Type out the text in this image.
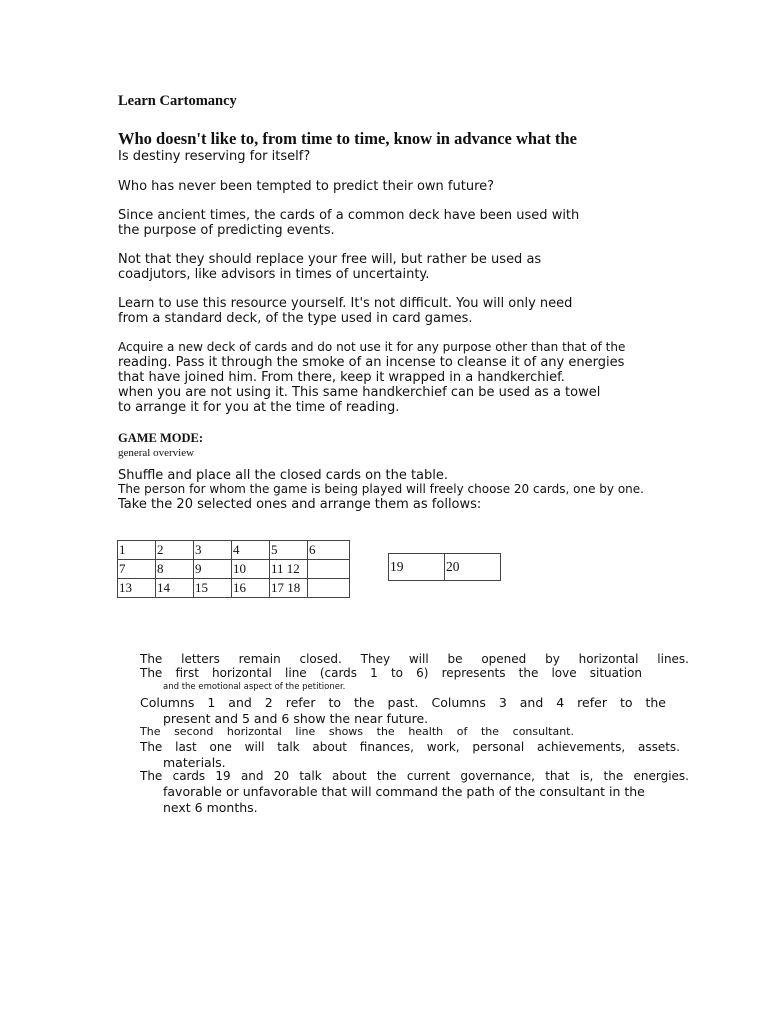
Learn Cartomancy
Who doesn't like to, from time to time, know in advance what the
Is destiny reserving for itself?
Who has never been tempted to predict their own future?
Since ancient times, the cards of a common deck have been used with
the purpose of predicting events.
Not that they should replace your free will, but rather be used as
coadjutors, like advisors in times of uncertainty.
Learn to use this resource yourself. It's not difficult. You will only need
from a standard deck, of the type used in card games.
Acquire a new deck of cards and do not use it for any purpose other than that of the
reading. Pass it through the smoke of an incense to cleanse it of any energies
that have joined him. From there, keep it wrapped in a handkerchief.
when you are not using it. This same handkerchief can be used as a towel
to arrange it for you at the time of reading.
GAME MODE:
general overview
Shuffle and place all the closed cards on the table.
The person for whom the game is being played will freely choose 20 cards, one by one.
Take the 20 selected ones and arrange them as follows:
1	2	3	4	5	6
7	8	9	10	11 12	
13	14	15	16	17 18	
19	20
The letters remain closed. They will be opened by horizontal lines.
The first horizontal line (cards 1 to 6) represents the love situation
and the emotional aspect of the petitioner.
Columns 1 and 2 refer to the past. Columns 3 and 4 refer to the
present and 5 and 6 show the near future.
The second horizontal line shows the health of the consultant.
The last one will talk about finances, work, personal achievements, assets.
materials.
The cards 19 and 20 talk about the current governance, that is, the energies.
favorable or unfavorable that will command the path of the consultant in the
next 6 months.
